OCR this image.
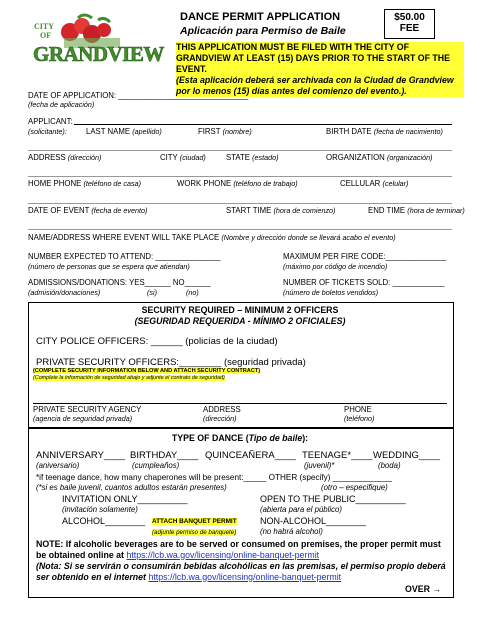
CITY
OF
GRANDVIEW
DANCE PERMIT APPLICATION
Aplicación para Permiso de Baile
$50.00
FEE
THIS APPLICATION MUST BE FILED WITH THE CITY OF GRANDVIEW AT LEAST (15) DAYS PRIOR TO THE START OF THE EVENT.
(Esta aplicación deberá ser archivada con la Ciudad de Grandview por lo menos (15) días antes del comienzo del evento.).
DATE OF APPLICATION: ______________________________
(fecha de aplicación)
APPLICANT:
(solicitante): LAST NAME (apellido)	FIRST (nombre)	BIRTH DATE (fecha de nacimiento)
ADDRESS (dirección)	CITY (ciudad)	STATE (estado)	ORGANIZATION (organización)
HOME PHONE (teléfono de casa)	WORK PHONE (teléfono de trabajo)	CELLULAR (celular)
DATE OF EVENT (fecha de evento)	START TIME (hora de comienzo)	END TIME (hora de terminar)
NAME/ADDRESS WHERE EVENT WILL TAKE PLACE (Nombre y dirección donde se llevará acabo el evento)
NUMBER EXPECTED TO ATTEND: _______________
(número de personas que se espera que atiendan)
MAXIMUM PER FIRE CODE:______________
(máximo por código de incendio)
ADMISSIONS/DONATIONS: YES______ NO______
(admisión/donaciones)	(si)	(no)
NUMBER OF TICKETS SOLD: ____________
(número de boletos vendidos)
SECURITY REQUIRED – MINIMUM 2 OFFICERS
(SEGURIDAD REQUERIDA - MÍNIMO 2 OFICIALES)
CITY POLICE OFFICERS: ______ (policías de la ciudad)
PRIVATE SECURITY OFFICERS:________ (seguridad privada)
(COMPLETE SECURITY INFORMATION BELOW AND ATTACH SECURITY CONTRACT)
(Complete la información de seguridad abajo y adjunte el contrato de seguridad)
PRIVATE SECURITY AGENCY
(agencia de seguridad privada)
ADDRESS
(dirección)
PHONE
(teléfono)
TYPE OF DANCE (Tipo de baile):
ANNIVERSARY____ BIRTHDAY____ QUINCEAÑERA____ TEENAGE*____ WEDDING____
(aniversario)	(cumpleaños)	(juvenil)*	(boda)
*if teenage dance, how many chaperones will be present:_____ OTHER (specify) _____________
(*si es baile juvenil, cuantos adultos estarán presentes)	(otro – especifique)
INVITATION ONLY__________
(invitación solamente)
OPEN TO THE PUBLIC__________
(abierta para el público)
ALCOHOL________ ATTACH BANQUET PERMIT
(adjunte permiso de banquete)
NON-ALCOHOL________
(no habrá alcohol)
NOTE: If alcoholic beverages are to be served or consumed on premises, the proper permit must be obtained online at https://lcb.wa.gov/licensing/online-banquet-permit
(Nota: Si se servirán o consumirán bebidas alcohólicas en las premisas, el permiso propio deberá ser obtenido en el internet https://lcb.wa.gov/licensing/online-banquet-permit
OVER →
